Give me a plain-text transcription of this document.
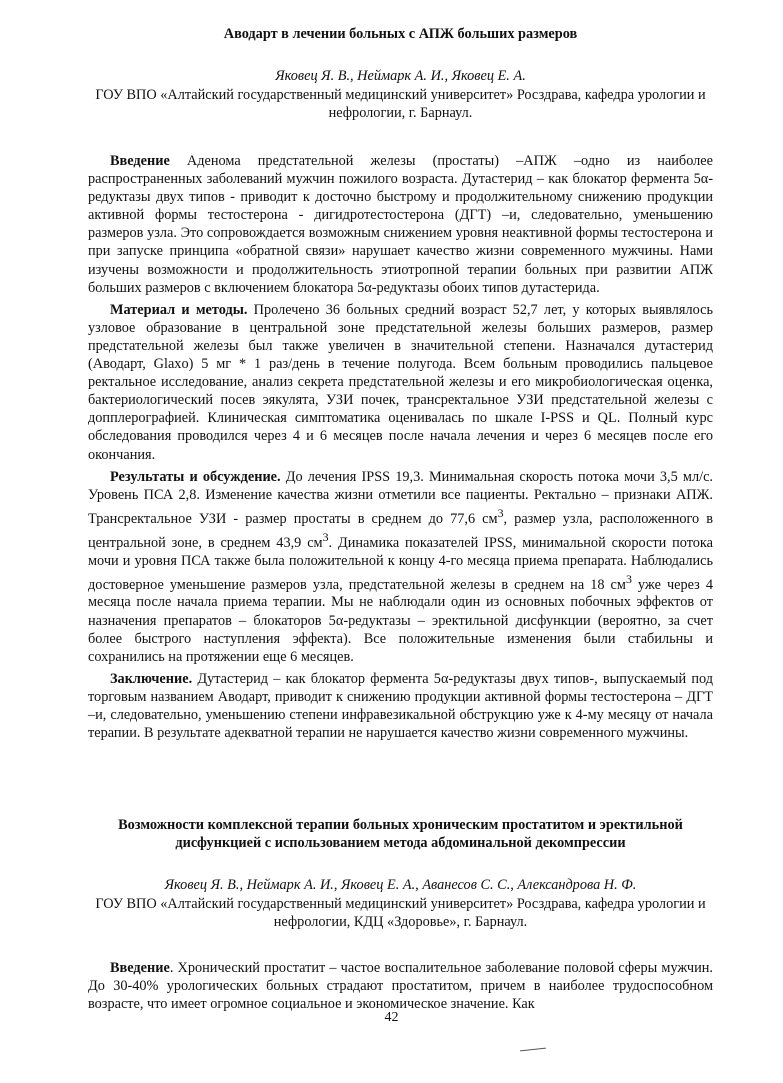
Аводарт в лечении больных с АПЖ больших размеров

Яковец Я. В., Неймарк А. И., Яковец Е. А.

ГОУ ВПО «Алтайский государственный медицинский университет» Росздрава, кафедра урологии и нефрологии, г. Барнаул.

Введение Аденома предстательной железы (простаты) –АПЖ –одно из наиболее распространенных заболеваний мужчин пожилого возраста. Дутастерид – как блокатор фермента 5α-редуктазы двух типов - приводит к досточно быстрому и продолжительному снижению продукции активной формы тестостерона - дигидротестостерона (ДГТ) –и, следовательно, уменьшению размеров узла. Это сопровождается возможным снижением уровня неактивной формы тестостерона и при запуске принципа «обратной связи» нарушает качество жизни современного мужчины. Нами изучены возможности и продолжительность этиотропной терапии больных при развитии АПЖ больших размеров с включением блокатора 5α-редуктазы обоих типов дутастерида.

Материал и методы. Пролечено 36 больных средний возраст 52,7 лет, у которых выявлялось узловое образование в центральной зоне предстательной железы больших размеров, размер предстательной железы был также увеличен в значительной степени. Назначался дутастерид (Аводарт, Glaxo) 5 мг * 1 раз/день в течение полугода. Всем больным проводились пальцевое ректальное исследование, анализ секрета предстательной железы и его микробиологическая оценка, бактериологический посев эякулята, УЗИ почек, трансректальное УЗИ предстательной железы с допплерографией. Клиническая симптоматика оценивалась по шкале I-PSS и QL. Полный курс обследования проводился через 4 и 6 месяцев после начала лечения и через 6 месяцев после его окончания.

Результаты и обсуждение. До лечения IPSS 19,3. Минимальная скорость потока мочи 3,5 мл/с. Уровень ПСА 2,8. Изменение качества жизни отметили все пациенты. Ректально – признаки АПЖ. Трансректальное УЗИ - размер простаты в среднем до 77,6 $см^3$, размер узла, расположенного в центральной зоне, в среднем 43,9 $см^3$. Динамика показателей IPSS, минимальной скорости потока мочи и уровня ПСА также была положительной к концу 4-го месяца приема препарата. Наблюдались достоверное уменьшение размеров узла, предстательной железы в среднем на 18 $см^3$ уже через 4 месяца после начала приема терапии. Мы не наблюдали один из основных побочных эффектов от назначения препаратов – блокаторов 5α-редуктазы – эректильной дисфункции (вероятно, за счет более быстрого наступления эффекта). Все положительные изменения были стабильны и сохранились на протяжении еще 6 месяцев.

Заключение. Дутастерид – как блокатор фермента 5α-редуктазы двух типов-, выпускаемый под торговым названием Аводарт, приводит к снижению продукции активной формы тестостерона – ДГТ –и, следовательно, уменьшению степени инфравезикальной обструкцию уже к 4-му месяцу от начала терапии. В результате адекватной терапии не нарушается качество жизни современного мужчины.

Возможности комплексной терапии больных хроническим простатитом и эректильной дисфункцией с использованием метода абдоминальной декомпрессии

Яковец Я. В., Неймарк А. И., Яковец Е. А., Аванесов С. С., Александрова Н. Ф.

ГОУ ВПО «Алтайский государственный медицинский университет» Росздрава, кафедра урологии и нефрологии, КДЦ «Здоровье», г. Барнаул.

Введение. Хронический простатит – частое воспалительное заболевание половой сферы мужчин. До 30-40% урологических больных страдают простатитом, причем в наиболее трудоспособном возрасте, что имеет огромное социальное и экономическое значение. Как

42
